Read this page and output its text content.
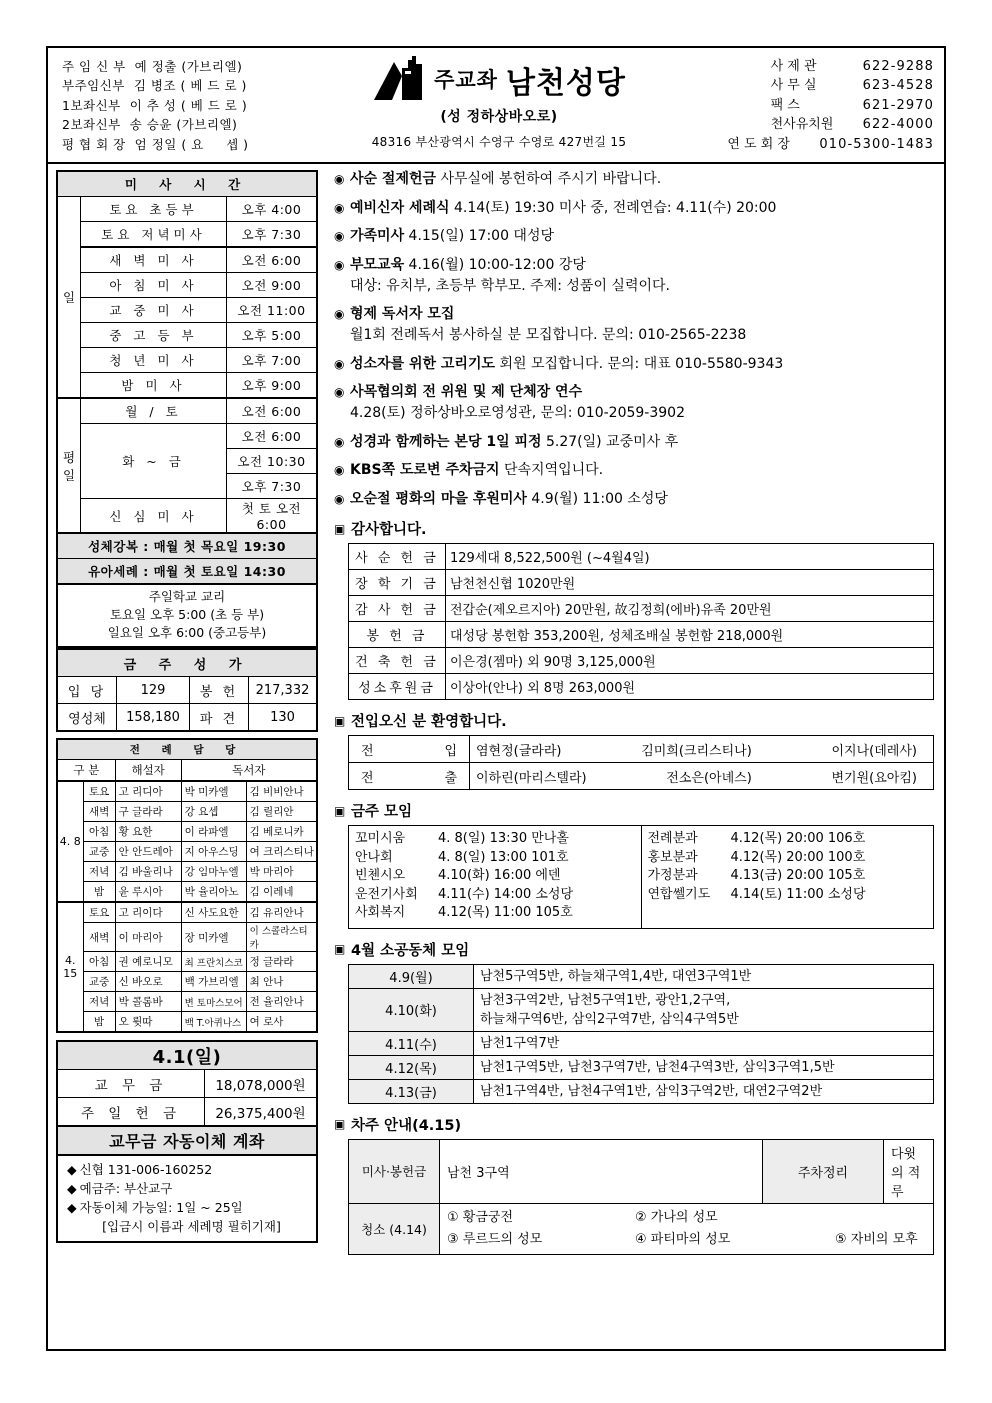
주 임 신 부  예 정출 (가브리엘)
부주임신부  김 병조 ( 베 드 로 )
1보좌신부  이 추 성 ( 베 드 로 )
2보좌신부  송 승윤 (가브리엘)
평 협 회 장  엄 정일 ( 요     셉 )
주교좌 남천성당
(성 정하상바오로)
48316 부산광역시 수영구 수영로 427번길 15
사 제 관	622-9288
사 무 실	623-4528
팩 스	621-2970
천사유치원	622-4000
연 도 회 장	010-5300-1483
미 사 시 간		
일	토요 초등부	오후 4:00
	토요 저녁미사	오후 7:30
	새 벽 미 사	오전 6:00
	아 침 미 사	오전 9:00
	교 중 미 사	오전 11:00
	중 고 등 부	오후 5:00
	청 년 미 사	오후 7:00
	밤 미 사	오후 9:00
평일	월 / 토	오전 6:00
	화 ~ 금	오전 6:00
		오전 10:30
		오후 7:30
	신 심 미 사	첫 토 오전 6:00
성체강복 : 매월 첫 목요일 19:30		
유아세례 : 매월 첫 토요일 14:30		
주일학교 교리
토요일 오후 5:00 (초 등 부)
일요일 오후 6:00 (중고등부)
금 주 성 가			
입 당	129	봉 헌	217,332
영성체	158,180	파 견	130
전 례 담 당				
구 분		해설자	독서자	
4. 8	토요	고 리디아	박 미카엘	김 비비안나
	새벽	구 글라라	강 요셉	김 릴리안
	아침	황 요한	이 라파엘	김 베로니카
	교중	안 안드레아	지 아우스딩	여 크리스티나
	저녁	김 바울리나	강 임마누엘	박 마리아
	밤	윤 루시아	박 율리아노	김 이레네
4. 15	토요	고 리이다	신 사도요한	김 유리안나
	새벽	이 마리아	장 미카엘	이 스콜라스티카
	아침	권 예로니모	최 프란치스코	정 글라라
	교중	신 바오로	백 가브리엘	최 안나
	저녁	박 콜롬바	변 토마스모어	전 율리안나
	밤	오 륏따	백 T.아퀴나스	여 로사
4.1(일)	
교 무 금	18,078,000원
주 일 헌 금	26,375,400원
교무금 자동이체 계좌	
◆ 신협 131-006-160252
◆ 예금주: 부산교구
◆ 자동이체 가능일: 1일 ~ 25일
[입금시 이름과 세례명 필히기재]
◉ 사순 절제헌금 사무실에 봉헌하여 주시기 바랍니다.
◉ 예비신자 세례식 4.14(토) 19:30 미사 중, 전례연습: 4.11(수) 20:00
◉ 가족미사 4.15(일) 17:00 대성당
◉ 부모교육 4.16(월) 10:00-12:00 강당
대상: 유치부, 초등부 학부모. 주제: 성품이 실력이다.
◉ 형제 독서자 모집
월1회 전례독서 봉사하실 분 모집합니다. 문의: 010-2565-2238
◉ 성소자를 위한 고리기도 회원 모집합니다. 문의: 대표 010-5580-9343
◉ 사목협의회 전 위원 및 제 단체장 연수
4.28(토) 정하상바오로영성관, 문의: 010-2059-3902
◉ 성경과 함께하는 본당 1일 피정 5.27(일) 교중미사 후
◉ KBS쪽 도로변 주차금지 단속지역입니다.
◉ 오순절 평화의 마을 후원미사 4.9(월) 11:00 소성당
▣ 감사합니다.
사 순 헌 금	129세대 8,522,500원 (~4월4일)
장 학 기 금	남천천신협 1020만원
감 사 헌 금	전갑순(제오르지아) 20만원, 故김정희(에바)유족 20만원
봉 헌 금	대성당 봉헌함 353,200원, 성체조배실 봉헌함 218,000원
건 축 헌 금	이은경(젬마) 외 90명 3,125,000원
성소후원금	이상아(안나) 외 8명 263,000원
▣ 전입오신 분 환영합니다.
전 입	염현정(글라라) 김미희(크리스티나) 이지나(데레사)

전 출	이하린(마리스텔라) 전소은(아녜스) 변기원(요아킴)
▣ 금주 모임
꼬미시움	4. 8(일) 13:30 만나홀
안나회	4. 8(일) 13:00 101호
빈첸시오	4.10(화) 16:00 에덴
운전기사회	4.11(수) 14:00 소성당
사회복지	4.12(목) 11:00 105호

전례분과	4.12(목) 20:00 106호
홍보분과	4.12(목) 20:00 100호
가정분과	4.13(금) 20:00 105호
연합쎌기도	4.14(토) 11:00 소성당
▣ 4월 소공동체 모임
4.9(월)	남천5구역5반, 하늘채구역1,4반, 대연3구역1반

4.10(화)	남천3구역2반, 남천5구역1반, 광안1,2구역,
하늘채구역6반, 삼익2구역7반, 삼익4구역5반

4.11(수)	남천1구역7반

4.12(목)	남천1구역5반, 남천3구역7반, 남천4구역3반, 삼익3구역1,5반

4.13(금)	남천1구역4반, 남천4구역1반, 삼익3구역2반, 대연2구역2반
▣ 차주 안내(4.15)
미사·봉헌금	남천 3구역	주차정리	다윗의 적루
청소 (4.14)	① 황금궁전 ② 가나의 성모
③ 루르드의 성모 ④ 파티마의 성모 ⑤ 자비의 모후		
